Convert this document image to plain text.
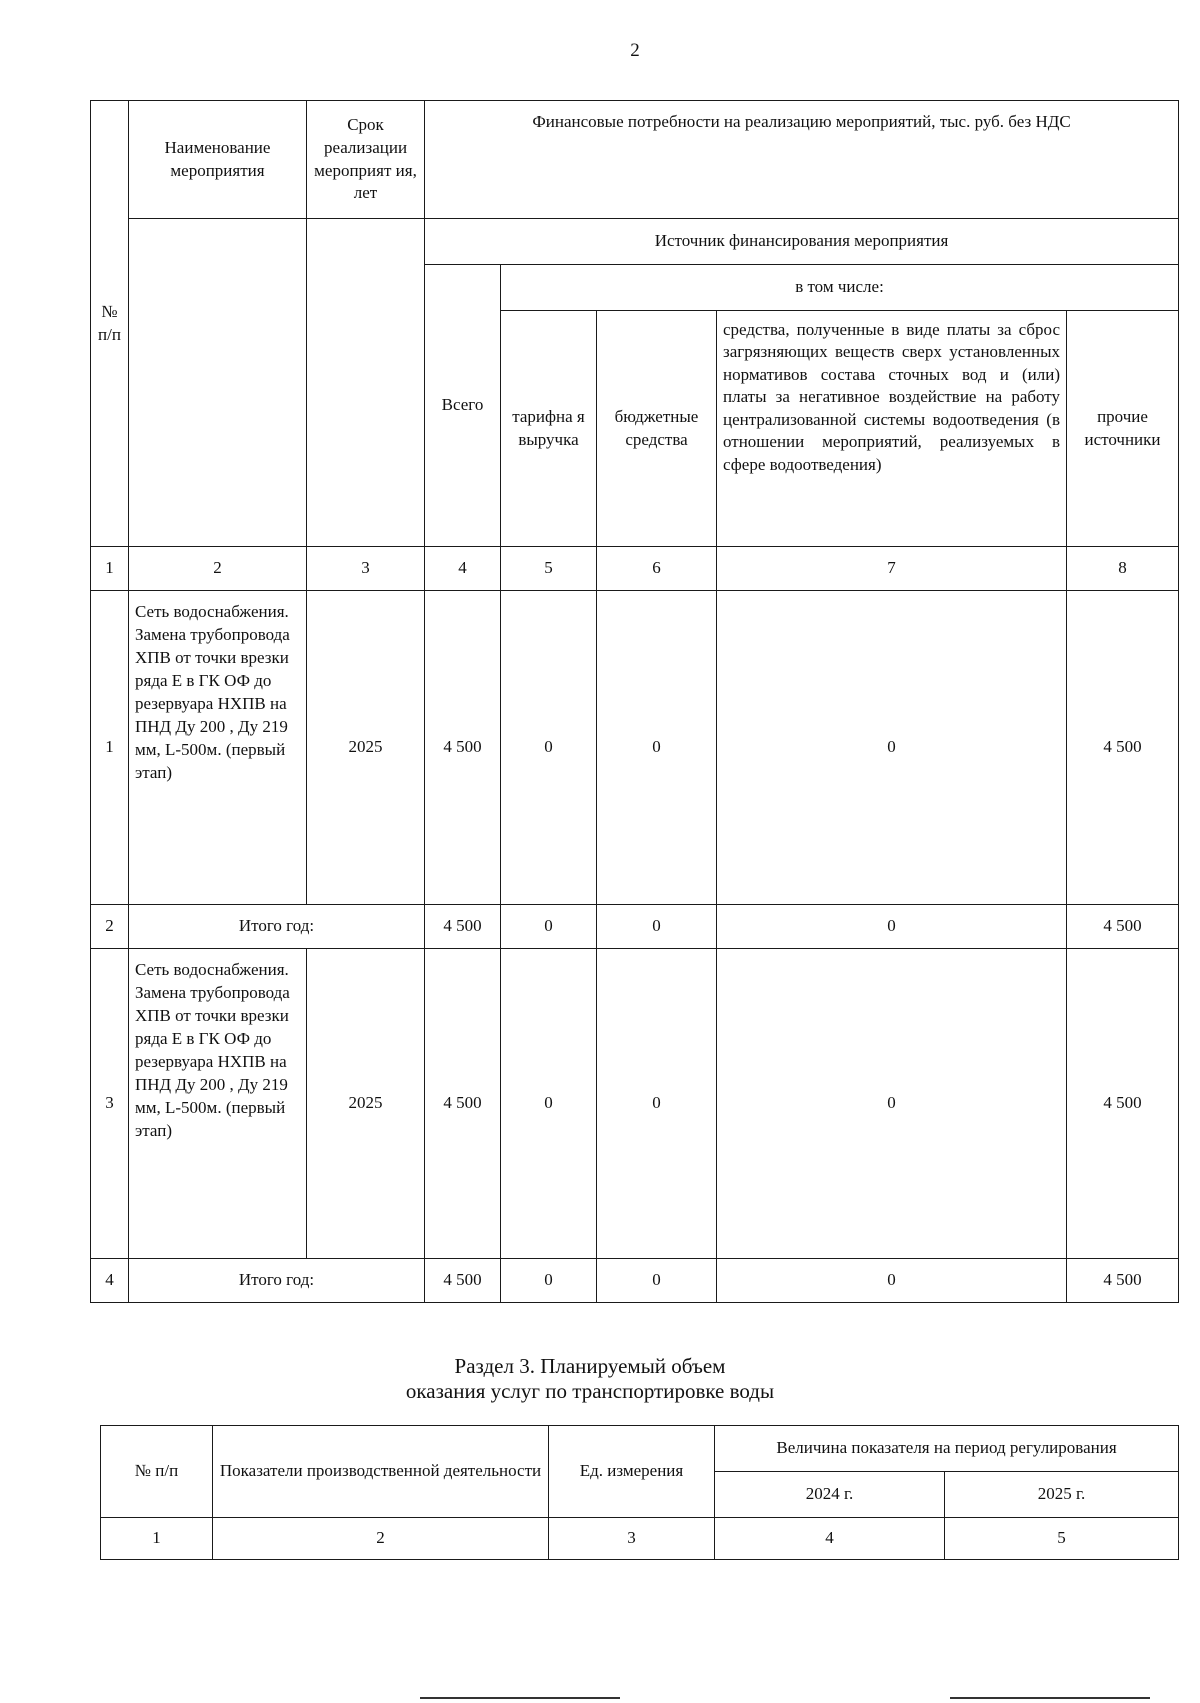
2
№ п/п	Наименование мероприятия	Срок реализации мероприят ия, лет	Финансовые потребности на реализацию мероприятий, тыс. руб. без НДС				
			Источник финансирования мероприятия				
			Всего	в том числе:			
				тарифна я выручка	бюджетные средства	средства, полученные в виде платы за сброс загрязняющих веществ сверх установленных нормативов состава сточных вод и (или) платы за негативное воздействие на работу централизованной системы водоотведения (в отношении мероприятий, реализуемых в сфере водоотведения)	прочие источники
1	2	3	4	5	6	7	8
1	Сеть водоснабжения. Замена трубопровода ХПВ от точки врезки ряда Е в ГК ОФ до резервуара НХПВ на ПНД Ду 200 , Ду 219 мм, L-500м. (первый этап)	2025	4 500	0	0	0	4 500
2	Итого год:		4 500	0	0	0	4 500
3	Сеть водоснабжения. Замена трубопровода ХПВ от точки врезки ряда Е в ГК ОФ до резервуара НХПВ на ПНД Ду 200 , Ду 219 мм, L-500м. (первый этап)	2025	4 500	0	0	0	4 500
4	Итого год:		4 500	0	0	0	4 500
Раздел 3. Планируемый объем
оказания услуг по транспортировке воды
№ п/п	Показатели производственной деятельности	Ед. измерения	Величина показателя на период регулирования	
			2024 г.	2025 г.
1	2	3	4	5
